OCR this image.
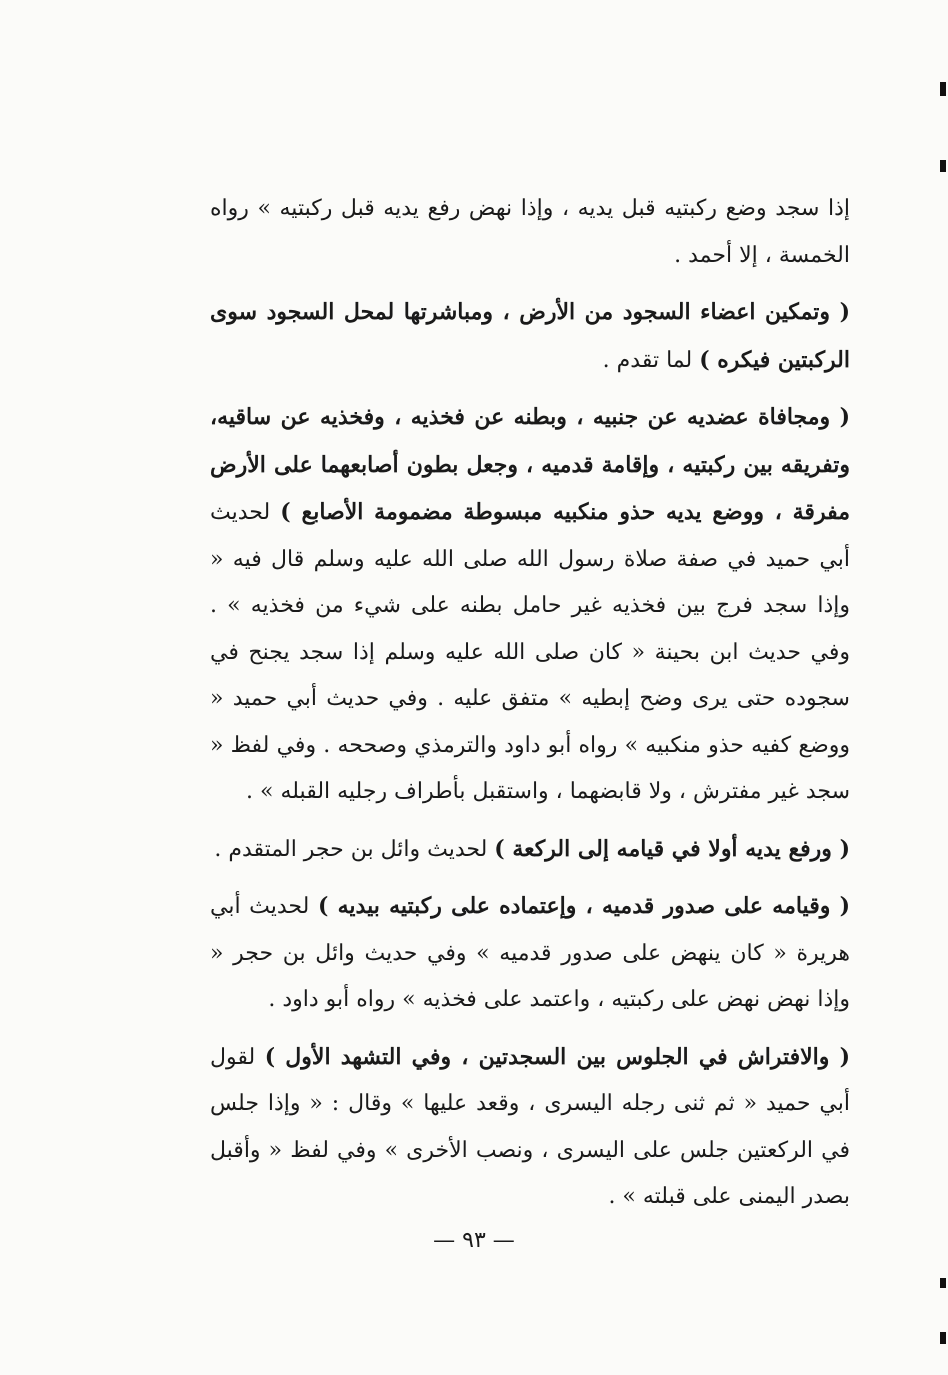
إذا سجد وضع ركبتيه قبل يديه ، وإذا نهض رفع يديه قبل ركبتيه » رواه الخمسة ، إلا أحمد .

( وتمكين اعضاء السجود من الأرض ، ومباشرتها لمحل السجود سوى الركبتين فيكره ) لما تقدم .

( ومجافاة عضديه عن جنبيه ، وبطنه عن فخذيه ، وفخذيه عن ساقيه، وتفريقه بين ركبتيه ، وإقامة قدميه ، وجعل بطون أصابعهما على الأرض مفرقة ، ووضع يديه حذو منكبيه مبسوطة مضمومة الأصابع ) لحديث أبي حميد في صفة صلاة رسول الله صلى الله عليه وسلم قال فيه « وإذا سجد فرج بين فخذيه غير حامل بطنه على شيء من فخذيه » . وفي حديث ابن بحينة « كان صلى الله عليه وسلم إذا سجد يجنح في سجوده حتى يرى وضح إبطيه » متفق عليه . وفي حديث أبي حميد « ووضع كفيه حذو منكبيه » رواه أبو داود والترمذي وصححه . وفي لفظ « سجد غير مفترش ، ولا قابضهما ، واستقبل بأطراف رجليه القبله » .

( ورفع يديه أولا في قيامه إلى الركعة ) لحديث وائل بن حجر المتقدم .

( وقيامه على صدور قدميه ، وإعتماده على ركبتيه بيديه ) لحديث أبي هريرة « كان ينهض على صدور قدميه » وفي حديث وائل بن حجر « وإذا نهض نهض على ركبتيه ، واعتمد على فخذيه » رواه أبو داود .

( والافتراش في الجلوس بين السجدتين ، وفي التشهد الأول ) لقول أبي حميد « ثم ثنى رجله اليسرى ، وقعد عليها » وقال : « وإذا جلس في الركعتين جلس على اليسرى ، ونصب الأخرى » وفي لفظ « وأقبل بصدر اليمنى على قبلته » .

— ٩٣ —
